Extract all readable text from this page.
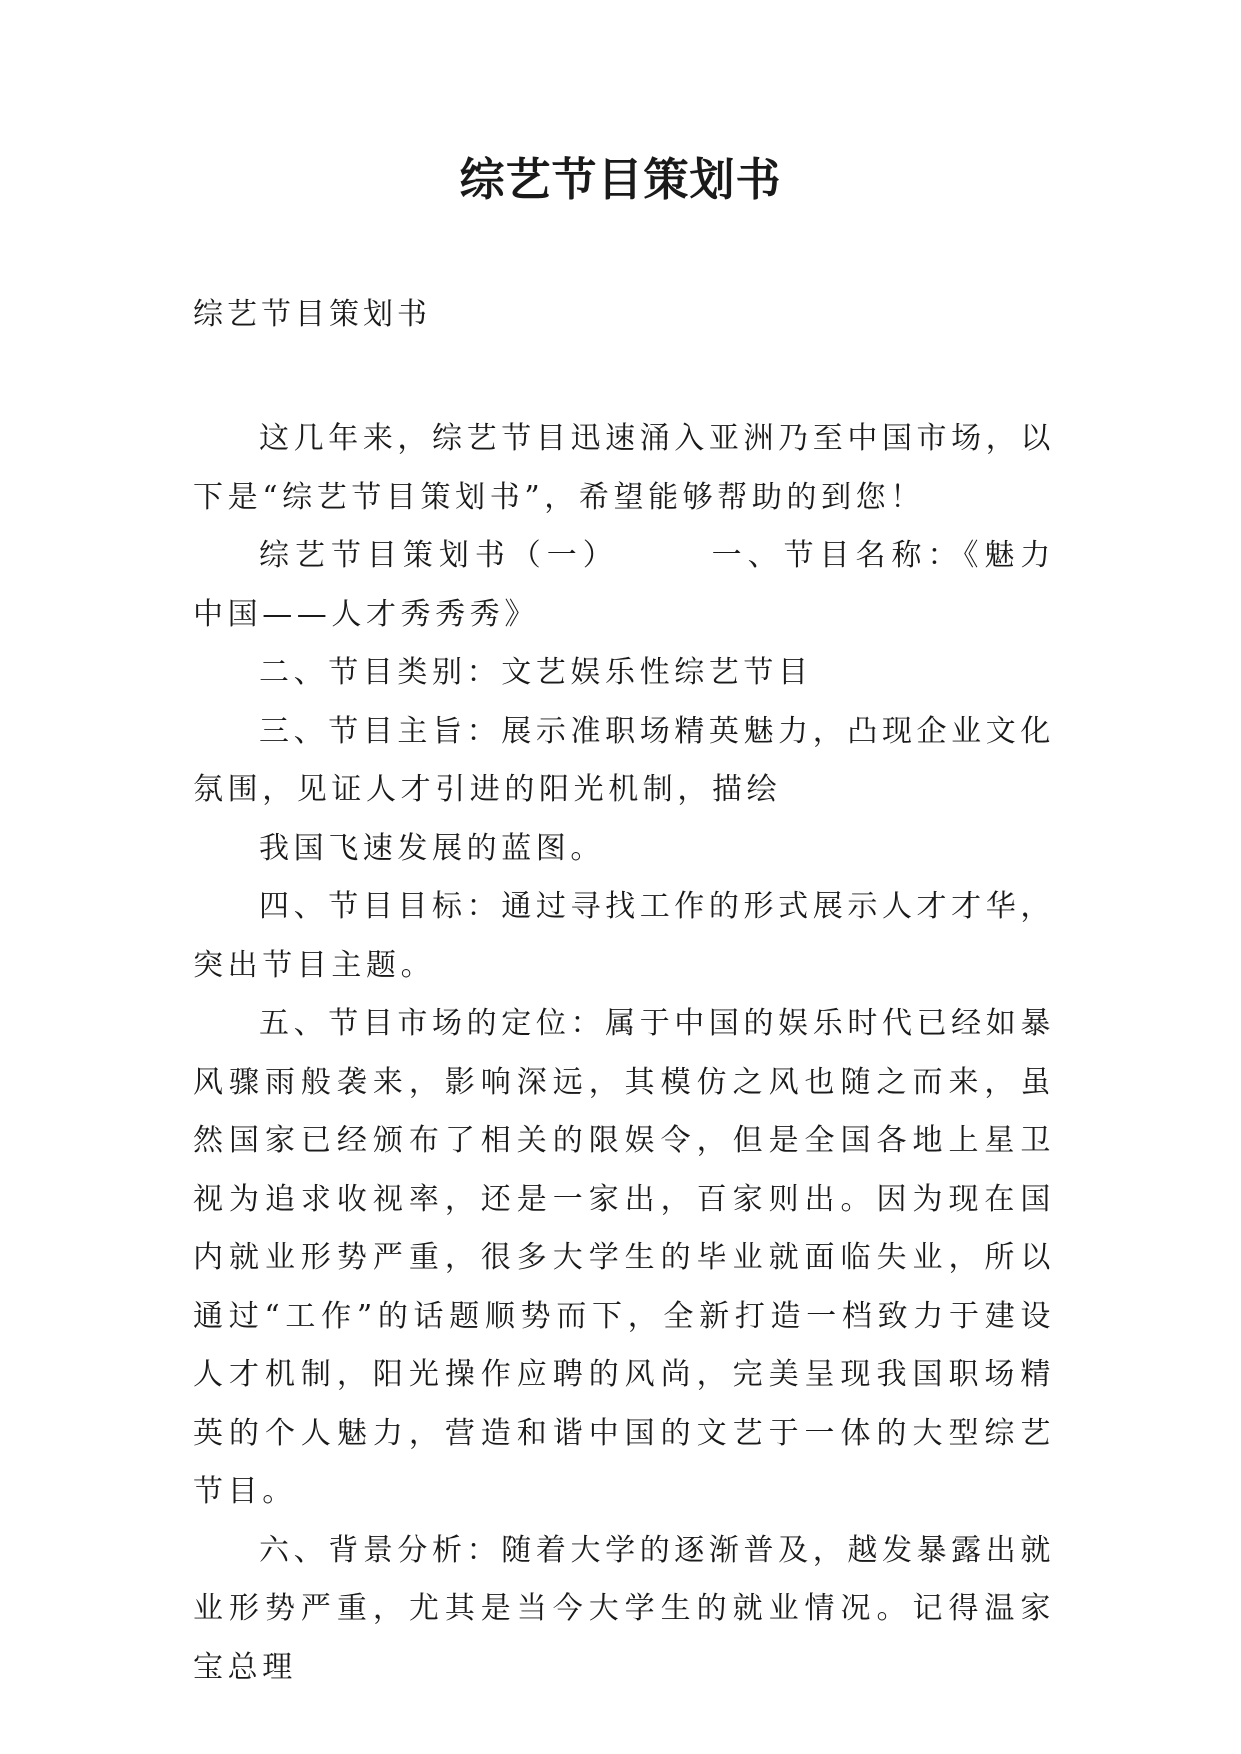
综艺节目策划书
综艺节目策划书

这几年来，综艺节目迅速涌入亚洲乃至中国市场，以下是“综艺节目策划书”，希望能够帮助的到您！

综艺节目策划书（一）　　　一、节目名称：《魅力中国——人才秀秀秀》

二、节目类别：文艺娱乐性综艺节目

三、节目主旨：展示准职场精英魅力，凸现企业文化氛围，见证人才引进的阳光机制，描绘

我国飞速发展的蓝图。

四、节目目标：通过寻找工作的形式展示人才才华，突出节目主题。

五、节目市场的定位：属于中国的娱乐时代已经如暴风骤雨般袭来，影响深远，其模仿之风也随之而来，虽然国家已经颁布了相关的限娱令，但是全国各地上星卫视为追求收视率，还是一家出，百家则出。因为现在国内就业形势严重，很多大学生的毕业就面临失业，所以通过“工作”的话题顺势而下，全新打造一档致力于建设人才机制，阳光操作应聘的风尚，完美呈现我国职场精英的个人魅力，营造和谐中国的文艺于一体的大型综艺节目。

六、背景分析：随着大学的逐渐普及，越发暴露出就业形势严重，尤其是当今大学生的就业情况。记得温家宝总理
